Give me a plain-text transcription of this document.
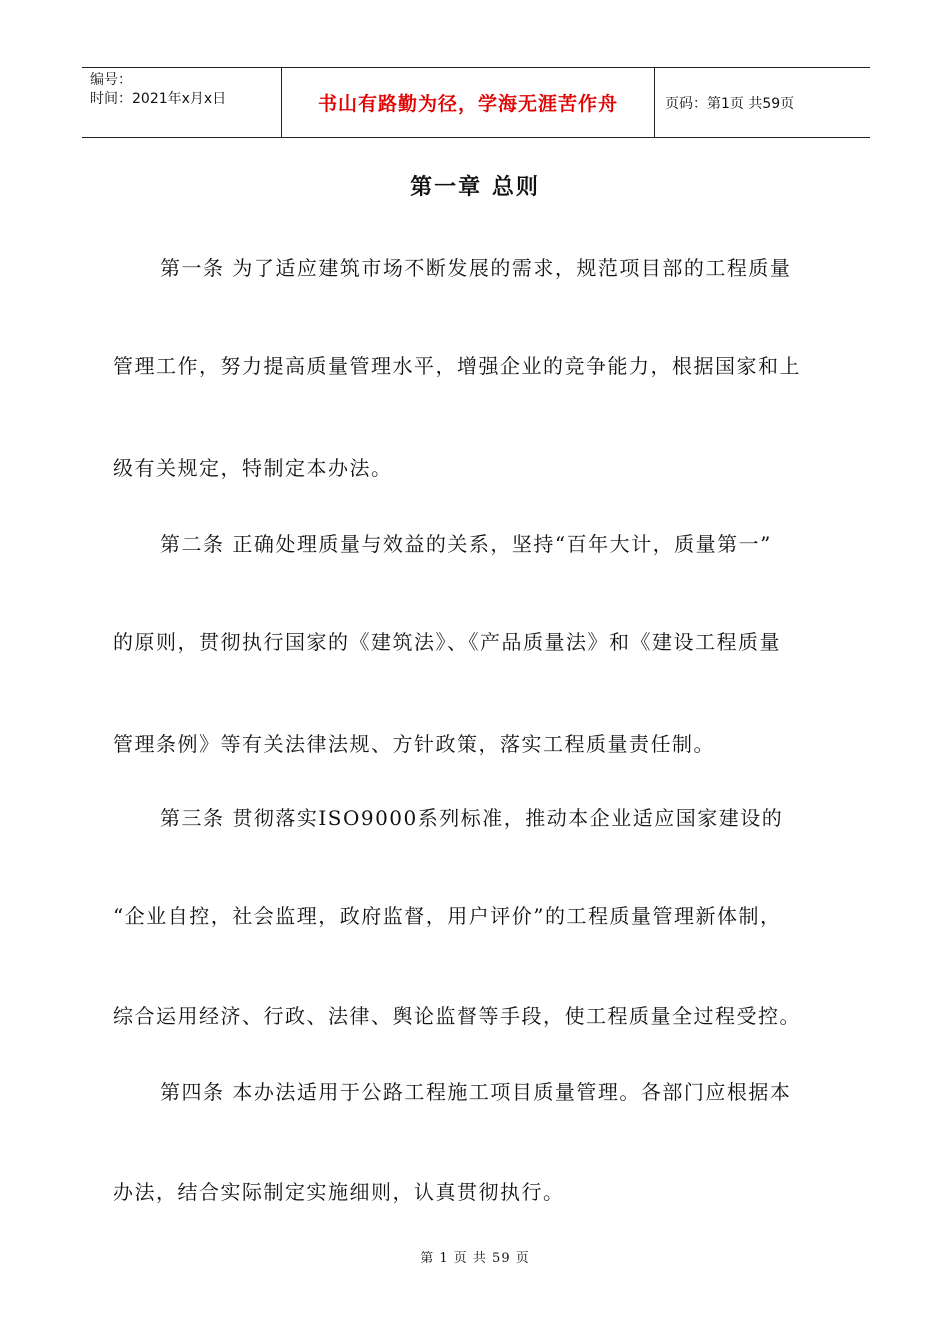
编号：
时间：2021年x月x日	书山有路勤为径，学海无涯苦作舟	页码：第1页 共59页
第一章 总则
第一条 为了适应建筑市场不断发展的需求，规范项目部的工程质量
管理工作，努力提高质量管理水平，增强企业的竞争能力，根据国家和上
级有关规定，特制定本办法。
第二条 正确处理质量与效益的关系，坚持“百年大计，质量第一”
的原则，贯彻执行国家的《建筑法》、《产品质量法》和《建设工程质量
管理条例》等有关法律法规、方针政策，落实工程质量责任制。
第三条 贯彻落实ISO9000系列标准，推动本企业适应国家建设的
“企业自控，社会监理，政府监督，用户评价”的工程质量管理新体制，
综合运用经济、行政、法律、舆论监督等手段，使工程质量全过程受控。
第四条 本办法适用于公路工程施工项目质量管理。各部门应根据本
办法，结合实际制定实施细则，认真贯彻执行。
第 1 页 共 59 页
